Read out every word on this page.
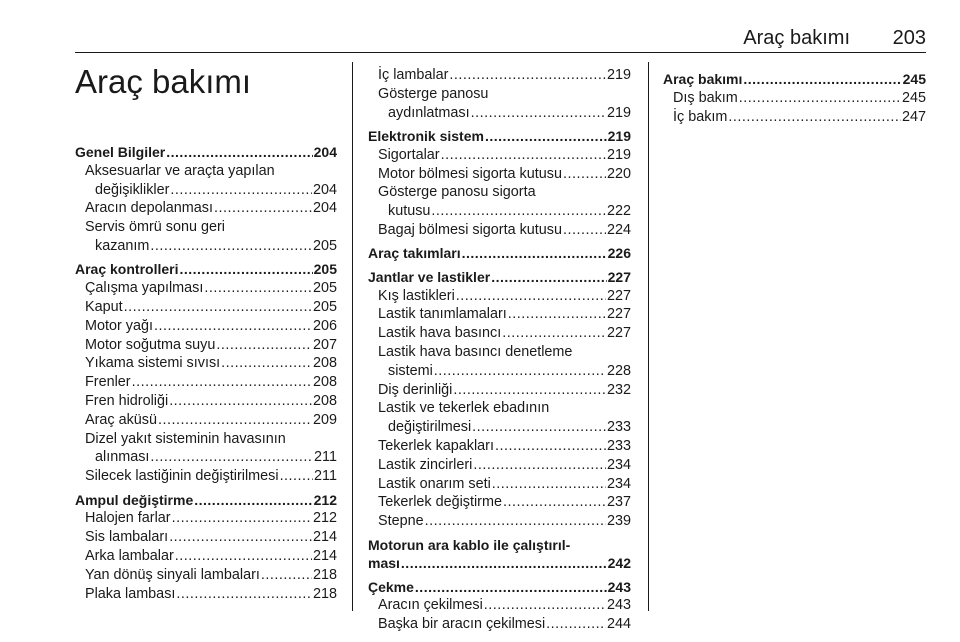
Araç bakımı 203
Araç bakımı
Genel Bilgiler .....	204
Aksesuarlar ve araçta yapılan
değişiklikler .....	204
Aracın depolanması .....	204
Servis ömrü sonu geri
kazanım .....	205
Araç kontrolleri .....	205
Çalışma yapılması .....	205
Kaput .....	205
Motor yağı .....	206
Motor soğutma suyu .....	207
Yıkama sistemi sıvısı .....	208
Frenler .....	208
Fren hidroliği .....	208
Araç aküsü .....	209
Dizel yakıt sisteminin havasının
alınması .....	211
Silecek lastiğinin değiştirilmesi ..... 211
Ampul değiştirme .....	212
Halojen farlar .....	212
Sis lambaları .....	214
Arka lambalar .....	214
Yan dönüş sinyali lambaları .....	218
Plaka lambası .....	218
İç lambalar .....	219
Gösterge panosu
aydınlatması .....	219
Elektronik sistem .....	219
Sigortalar .....	219
Motor bölmesi sigorta kutusu .....	220
Gösterge panosu sigorta
kutusu .....	222
Bagaj bölmesi sigorta kutusu .....	224
Araç takımları .....	226
Jantlar ve lastikler .....	227
Kış lastikleri .....	227
Lastik tanımlamaları .....	227
Lastik hava basıncı .....	227
Lastik hava basıncı denetleme
sistemi .....	228
Diş derinliği .....	232
Lastik ve tekerlek ebadının
değiştirilmesi .....	233
Tekerlek kapakları .....	233
Lastik zincirleri .....	234
Lastik onarım seti .....	234
Tekerlek değiştirme .....	237
Stepne .....	239
Motorun ara kablo ile çalıştırıl-
ması .....	242
Çekme .....	243
Aracın çekilmesi .....	243
Başka bir aracın çekilmesi .....	244
Araç bakımı .....	245
Dış bakım .....	245
İç bakım .....	247
